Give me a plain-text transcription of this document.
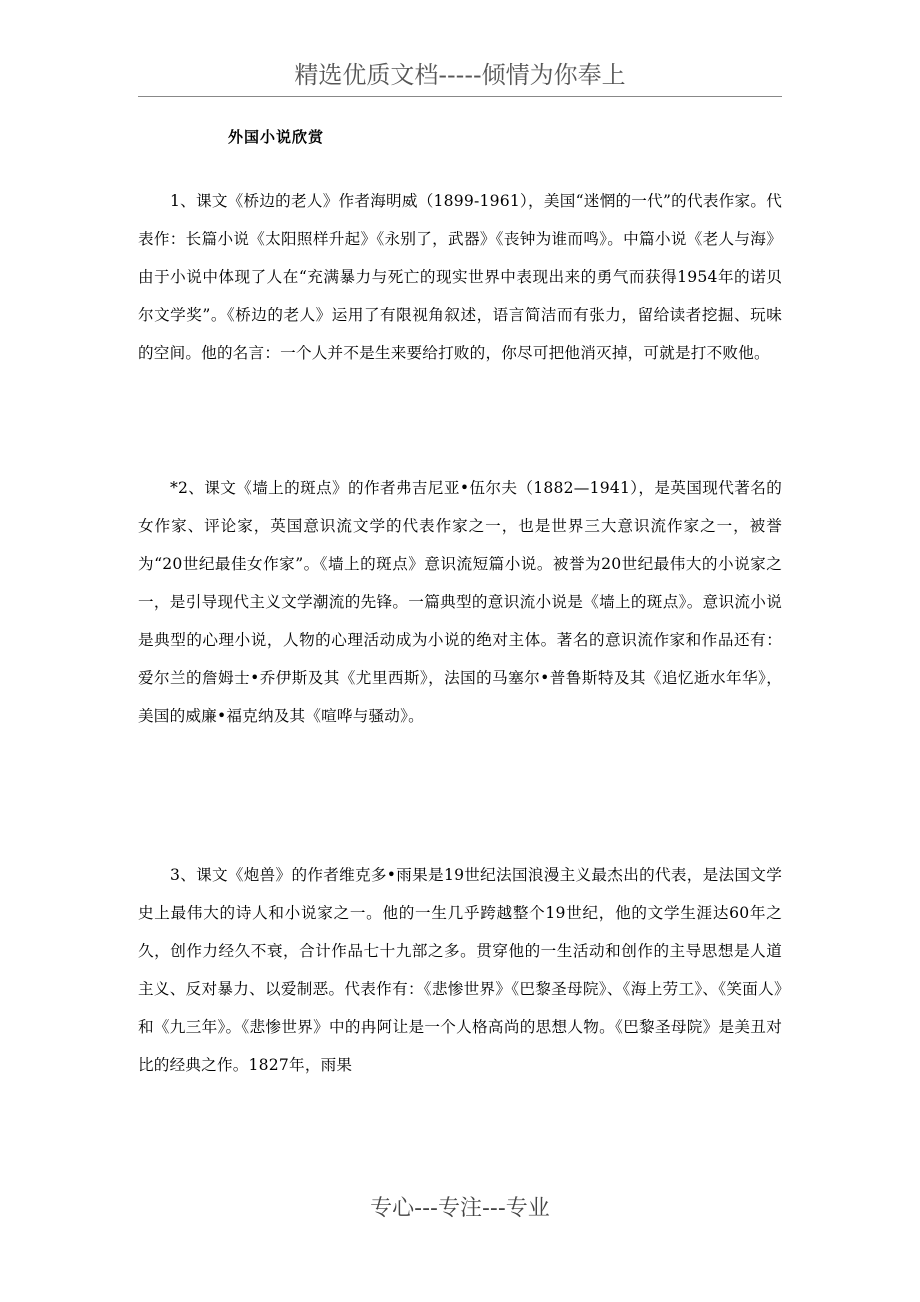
精选优质文档-----倾情为你奉上
外国小说欣赏

1、课文《桥边的老人》作者海明威（1899-1961），美国“迷惘的一代”的代表作家。代表作：长篇小说《太阳照样升起》《永别了，武器》《丧钟为谁而鸣》。中篇小说《老人与海》由于小说中体现了人在“充满暴力与死亡的现实世界中表现出来的勇气而获得1954年的诺贝尔文学奖”。《桥边的老人》运用了有限视角叙述，语言简洁而有张力，留给读者挖掘、玩味的空间。他的名言：一个人并不是生来要给打败的，你尽可把他消灭掉，可就是打不败他。

*2、课文《墙上的斑点》的作者弗吉尼亚•伍尔夫（1882—1941），是英国现代著名的女作家、评论家，英国意识流文学的代表作家之一，也是世界三大意识流作家之一，被誉为“20世纪最佳女作家”。《墙上的斑点》意识流短篇小说。被誉为20世纪最伟大的小说家之一，是引导现代主义文学潮流的先锋。一篇典型的意识流小说是《墙上的斑点》。意识流小说是典型的心理小说，人物的心理活动成为小说的绝对主体。著名的意识流作家和作品还有：爱尔兰的詹姆士•乔伊斯及其《尤里西斯》，法国的马塞尔•普鲁斯特及其《追忆逝水年华》，美国的威廉•福克纳及其《喧哗与骚动》。

3、课文《炮兽》的作者维克多•雨果是19世纪法国浪漫主义最杰出的代表，是法国文学史上最伟大的诗人和小说家之一。他的一生几乎跨越整个19世纪，他的文学生涯达60年之久，创作力经久不衰，合计作品七十九部之多。贯穿他的一生活动和创作的主导思想是人道主义、反对暴力、以爱制恶。代表作有：《悲惨世界》《巴黎圣母院》、《海上劳工》、《笑面人》和《九三年》。《悲惨世界》中的冉阿让是一个人格高尚的思想人物。《巴黎圣母院》是美丑对比的经典之作。1827年，雨果

专心---专注---专业
